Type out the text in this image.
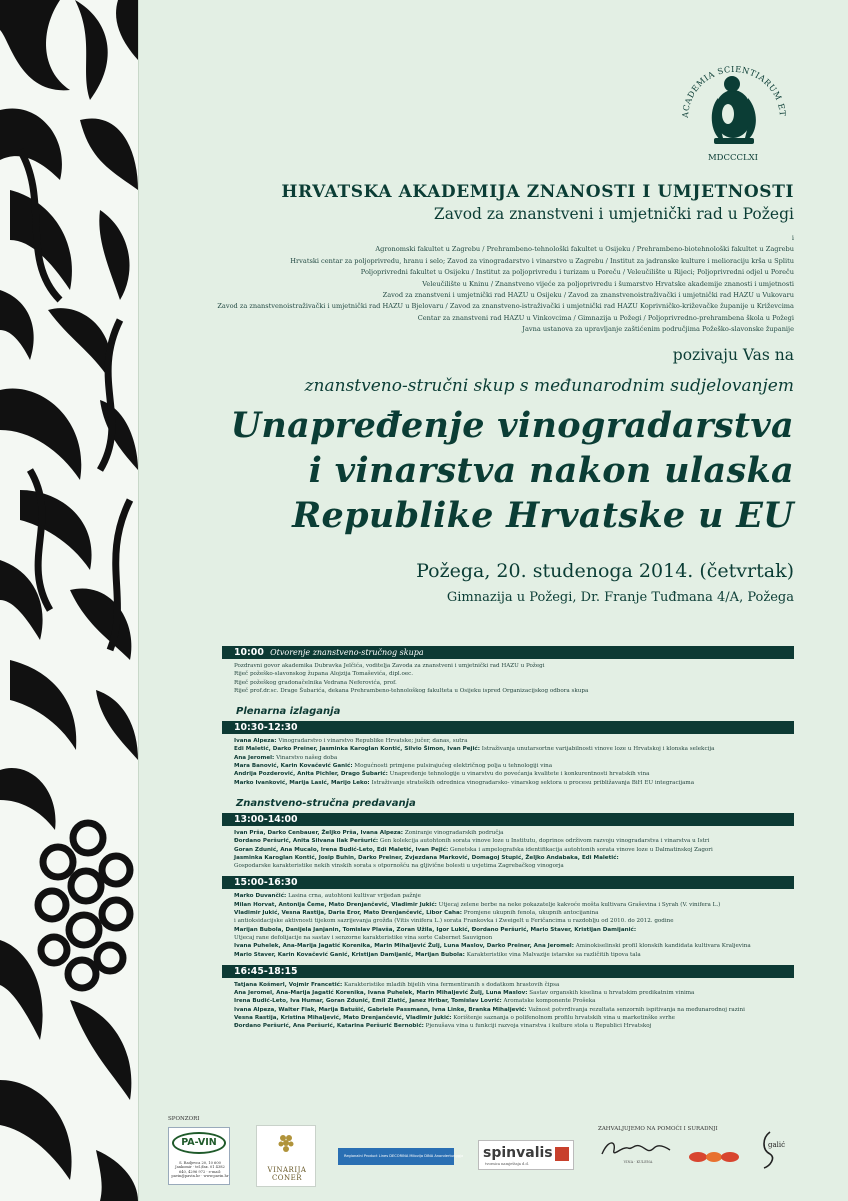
ACADEMIA SCIENTIARUM ET
MDCCCLXI
HRVATSKA AKADEMIJA ZNANOSTI I UMJETNOSTI
Zavod za znanstveni i umjetnički rad u Požegi
i
Agronomski fakultet u Zagrebu / Prehrambeno-tehnološki fakultet u Osijeku / Prehrambeno-biotehnološki fakultet u Zagrebu
Hrvatski centar za poljoprivredu, hranu i selo; Zavod za vinogradarstvo i vinarstvo u Zagrebu / Institut za jadranske kulture i melioraciju krša u Splitu
Poljoprivredni fakultet u Osijeku / Institut za poljoprivredu i turizam u Poreču / Veleučilište u Rijeci; Poljoprivredni odjel u Poreču
Veleučilište u Kninu / Znanstveno vijeće za poljoprivredu i šumarstvo Hrvatske akademije znanosti i umjetnosti
Zavod za znanstveni i umjetnički rad HAZU u Osijeku / Zavod za znanstvenoistraživački i umjetnički rad HAZU u Vukovaru
Zavod za znanstvenoistraživački i umjetnički rad HAZU u Bjelovaru / Zavod za znanstveno-istraživački i umjetnički rad HAZU Koprivničko-križevačke županije u Križevcima
Centar za znanstveni rad HAZU u Vinkovcima / Gimnazija u Požegi / Poljoprivredno-prehrambena škola u Požegi
Javna ustanova za upravljanje zaštićenim područjima Požeško-slavonske županije
pozivaju Vas na
znanstveno-stručni skup s međunarodnim sudjelovanjem
Unapređenje vinogradarstva
i vinarstva nakon ulaska
Republike Hrvatske u EU
Požega, 20. studenoga 2014. (četvrtak)
Gimnazija u Požegi, Dr. Franje Tuđmana 4/A, Požega
10:00 Otvorenje znanstveno-stručnog skupa
Pozdravni govor akademika Dubravka Jelčića, voditelja Zavoda za znanstveni i umjetnički rad HAZU u Požegi
Riječ požeško-slavonskog župana Alojzija Tomaševića, dipl.oec.
Riječ požeškog gradonačelnika Vedrana Neferovića, prof.
Riječ prof.dr.sc. Drage Šubarića, dekana Prehrambeno-tehnološkog fakulteta u Osijeku ispred Organizacijskog odbora skupa
Plenarna izlaganja
10:30-12:30
Ivana Alpeza: Vinogradarstvo i vinarstvo Republike Hrvatske; jučer, danas, sutra
Edi Maletić, Darko Preiner, Jasminka Karoglan Kontić, Silvio Šimon, Ivan Pejić: Istraživanja unutarsortne varijabilnosti vinove loze u Hrvatskoj i klonska selekcija
Ana Jeromel: Vinarstvo našeg doba
Mara Banović, Karin Kovačević Ganić: Mogućnosti primjene pulsirajućeg električnog polja u tehnologiji vina
Andrija Pozderović, Anita Pichler, Drago Šubarić: Unapređenje tehnologije u vinarstvu do povećanja kvalitete i konkurentnosti hrvatskih vina
Marko Ivanković, Marija Lasić, Marijo Leko: Istraživanje strateških odrednica vinogradarsko- vinarskog sektora u procesu približavanja BiH EU integracijama
Znanstveno-stručna predavanja
13:00-14:00
Ivan Prša, Darko Cenbauer, Željko Prša, Ivana Alpeza: Zoniranje vinogradarskih područja
Đordano Peršurić, Anita Silvana Ilak Peršurić: Gen kolekcija autohtonih sorata vinove loze u Institutu, doprinos održivom razvoju vinogradarstva i vinarstva u Istri
Goran Zdunić, Ana Mucalo, Irena Budić-Leto, Edi Maletić, Ivan Pejić: Genetska i ampelografska identifikacija autohtonih sorata vinove loze u Dalmatinskoj Zagori
Jasminka Karoglan Kontić, Josip Buhin, Darko Preiner, Zvjezdana Marković, Domagoj Stupić, Željko Andabaka, Edi Maletić:
Gospodarske karakteristike nekih vinskih sorata s otpornošću na gljivične bolesti u uvjetima Zagrebačkog vinogorja
15:00-16:30
Marko Duvančić: Lasina crna, autohtoni kultivar vrijedan pažnje
Milan Horvat, Antonija Čeme, Mato Drenjančević, Vladimir Jukić: Utjecaj zelene berbe na neke pokazatelje kakvoće mošta kultivara Graševina i Syrah (V. vinifera L.)
Vladimir Jukić, Vesna Rastija, Daria Eror, Mato Drenjančević, Libor Caha: Promjene ukupnih fenola, ukupnih antocijanina
i antioksidacijske aktivnosti tijekom sazrijevanja grožđa (Vitis vinifera L.) sorata Frankovka i Zweigelt u Feričancima u razdoblju od 2010. do 2012. godine
Marijan Bubola, Danijela Janjanin, Tomislav Plavša, Zoran Užila, Igor Lukić, Đordano Peršurić, Mario Staver, Kristijan Damijanić:
Utjecaj rane defolijacije na sastav i senzorne karakteristike vina sorte Cabernet Sauvignon
Ivana Puhelek, Ana-Marija Jagatić Korenika, Marin Mihaljević Žulj, Luna Maslov, Darko Preiner, Ana Jeromel: Aminokiselinski profil klonskih kandidata kultivara Kraljevina
Mario Staver, Karin Kovačević Ganić, Kristijan Damijanić, Marijan Bubola: Karakteristike vina Malvazije istarske sa različitih tipova tala
16:45-18:15
Tatjana Košmerl, Vojmir Francetić: Karakteristike mladih bijelih vina fermentiranih s dodatkom hrastovih čipsa
Ana Jeromel, Ana-Marija Jagatić Korenika, Ivana Puhelek, Marin Mihaljević Žulj, Luna Maslov: Sastav organskih kiselina u hrvatskim predikatnim vinima
Irena Budić-Leto, Iva Humar, Goran Zdunić, Emil Zlatić, Janez Hribar, Tomislav Lovrić: Aromatske komponente Prošeka
Ivana Alpeza, Walter Flak, Marija Batušić, Gabriele Passmann, Ivna Linke, Branka Mihaljević: Važnost potvrđivanja rezultata senzornih ispitivanja na međunarodnoj razini
Vesna Rastija, Kristina Mihaljević, Mato Drenjančević, Vladimir Jukić: Korištenje saznanja o polifenolnom profilu hrvatskih vina u marketinške svrhe
Đordano Peršurić, Ana Peršurić, Katarina Peršurić Bernobić: Pjenušava vina u funkciji razvoja vinarstva i kulture stola u Republici Hrvatskoj
SPONZORI
ZAHVALJUJEMO NA POMOĆI I SURADNJI
PA-VIN
S. Radjevca 20, 10 600 Jankomir · tel./fax. 01 4382 640, 4296 972 · e-mail: pavin@pavin.hr · www.pavin.hr
VINARIJA CONER
Regionalni Product Lines DECORINA Milovija DINA Anondertunggja spinvalis
tvornica namještaja d.d.	VINA · KULENA
galić
